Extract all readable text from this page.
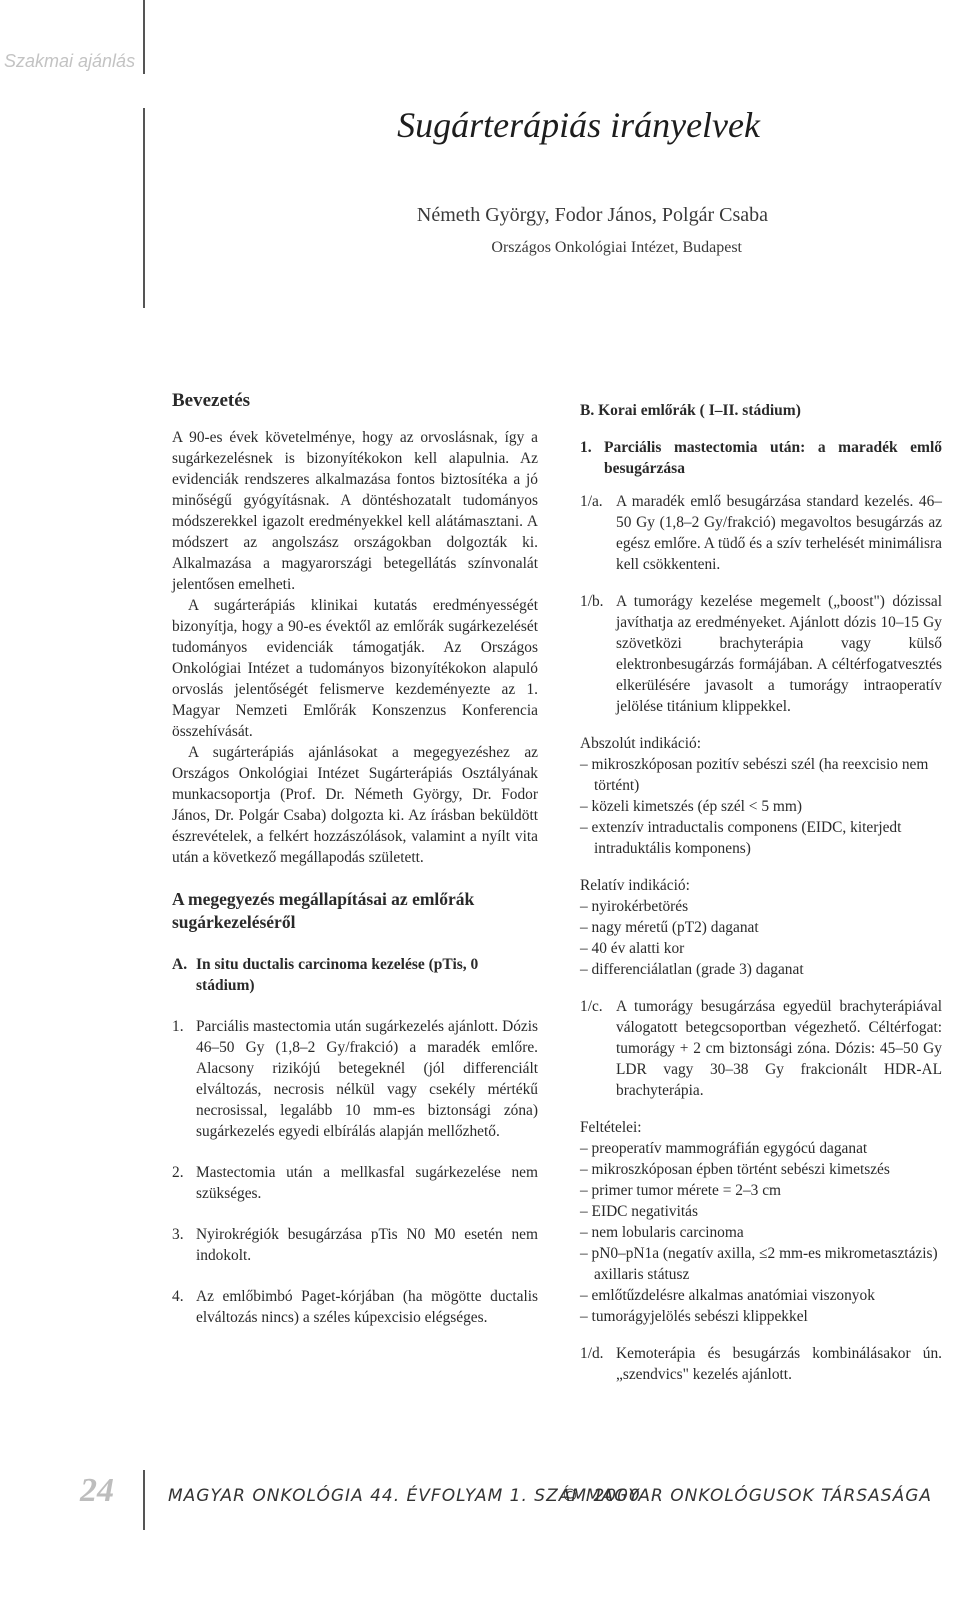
Szakmai ajánlás
Sugárterápiás irányelvek
Németh György, Fodor János, Polgár Csaba
Országos Onkológiai Intézet, Budapest
Bevezetés

A 90-es évek követelménye, hogy az orvoslásnak, így a sugárkezelésnek is bizonyítékokon kell alapulnia. Az evidenciák rendszeres alkalmazása fontos biztosítéka a jó minőségű gyógyításnak. A döntéshozatalt tudományos módszerekkel igazolt eredményekkel kell alátámasztani. A módszert az angolszász országokban dolgozták ki. Alkalmazása a magyarországi betegellátás színvonalát jelentősen emelheti.

A sugárterápiás klinikai kutatás eredményességét bizonyítja, hogy a 90-es évektől az emlőrák sugárkezelését tudományos evidenciák támogatják. Az Országos Onkológiai Intézet a tudományos bizonyítékokon alapuló orvoslás jelentőségét felismerve kezdeményezte az 1. Magyar Nemzeti Emlőrák Konszenzus Konferencia összehívását.

A sugárterápiás ajánlásokat a megegyezéshez az Országos Onkológiai Intézet Sugárterápiás Osztályának munkacsoportja (Prof. Dr. Németh György, Dr. Fodor János, Dr. Polgár Csaba) dolgozta ki. Az írásban beküldött észrevételek, a felkért hozzászólások, valamint a nyílt vita után a következő megállapodás született.

A megegyezés megállapításai az emlőrák sugárkezeléséről
A. In situ ductalis carcinoma kezelése (pTis, 0 stádium)
1. Parciális mastectomia után sugárkezelés ajánlott. Dózis 46–50 Gy (1,8–2 Gy/frakció) a maradék emlőre. Alacsony rizikójú betegeknél (jól differenciált elváltozás, necrosis nélkül vagy csekély mértékű necrosissal, legalább 10 mm-es biztonsági zóna) sugárkezelés egyedi elbírálás alapján mellőzhető.
2. Mastectomia után a mellkasfal sugárkezelése nem szükséges.
3. Nyirokrégiók besugárzása pTis N0 M0 esetén nem indokolt.
4. Az emlőbimbó Paget-kórjában (ha mögötte ductalis elváltozás nincs) a széles kúpexcisio elégséges.
B. Korai emlőrák ( I–II. stádium)
1. Parciális mastectomia után: a maradék emlő besugárzása
1/a. A maradék emlő besugárzása standard kezelés. 46–50 Gy (1,8–2 Gy/frakció) megavoltos besugárzás az egész emlőre. A tüdő és a szív terhelését minimálisra kell csökkenteni.
1/b. A tumorágy kezelése megemelt („boost") dózissal javíthatja az eredményeket. Ajánlott dózis 10–15 Gy szövetközi brachyterápia vagy külső elektronbesugárzás formájában. A céltérfogatvesztés elkerülésére javasolt a tumorágy intraoperatív jelölése titánium klippekkel.
Abszolút indikáció:
– mikroszkóposan pozitív sebészi szél (ha reexcisio nem történt)
– közeli kimetszés (ép szél < 5 mm)
– extenzív intraductalis componens (EIDC, kiterjedt intraduktális komponens)
Relatív indikáció:
– nyirokérbetörés
– nagy méretű (pT2) daganat
– 40 év alatti kor
– differenciálatlan (grade 3) daganat
1/c. A tumorágy besugárzása egyedül brachyterápiával válogatott betegcsoportban végezhető. Céltérfogat: tumorágy + 2 cm biztonsági zóna. Dózis: 45–50 Gy LDR vagy 30–38 Gy frakcionált HDR-AL brachyterápia.
Feltételei:
– preoperatív mammográfián egygócú daganat
– mikroszkóposan épben történt sebészi kimetszés
– primer tumor mérete = 2–3 cm
– EIDC negativitás
– nem lobularis carcinoma
– pN0–pN1a (negatív axilla, ≤2 mm-es mikrometasztázis) axillaris státusz
– emlőtűzdelésre alkalmas anatómiai viszonyok
– tumorágyjelölés sebészi klippekkel
1/d. Kemoterápia és besugárzás kombinálásakor ún. „szendvics" kezelés ajánlott.
24	MAGYAR ONKOLÓGIA 44. ÉVFOLYAM 1. SZÁM 2000
© MAGYAR ONKOLÓGUSOK TÁRSASÁGA
